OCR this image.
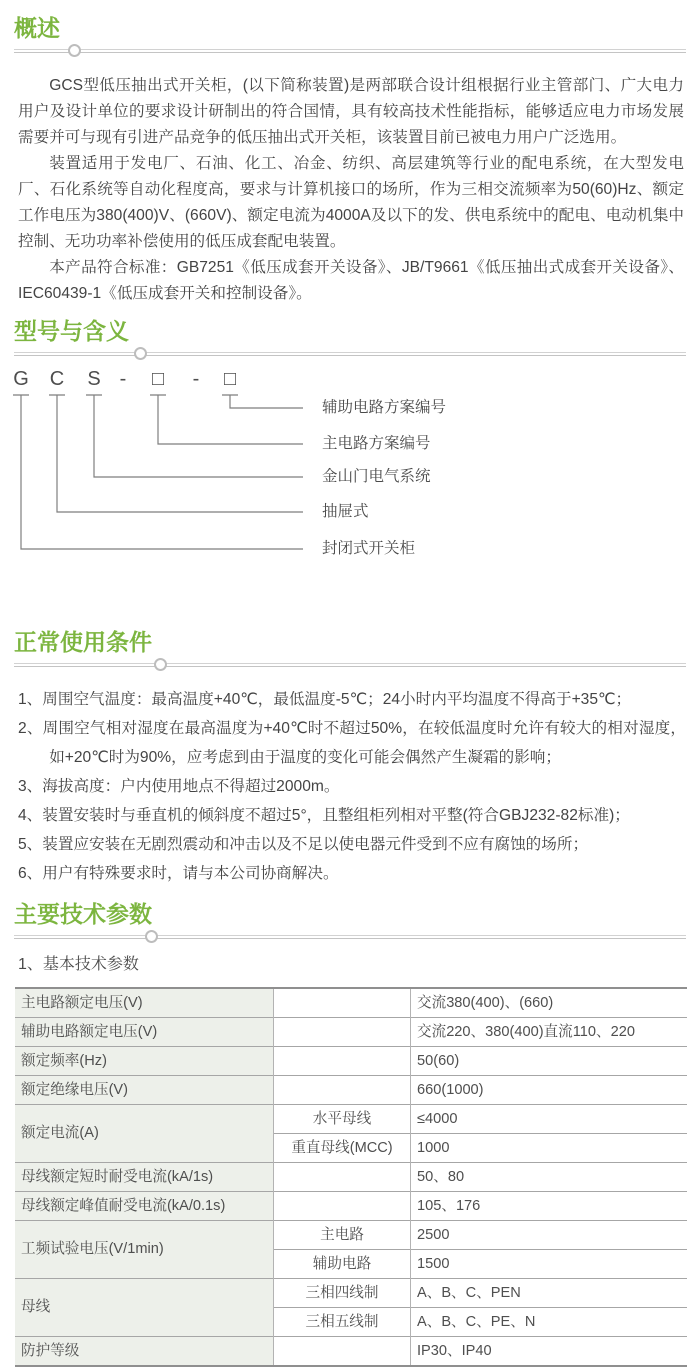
概述

GCS型低压抽出式开关柜，(以下简称装置)是两部联合设计组根据行业主管部门、广大电力用户及设计单位的要求设计研制出的符合国情，具有较高技术性能指标，能够适应电力市场发展需要并可与现有引进产品竞争的低压抽出式开关柜，该装置目前已被电力用户广泛选用。

装置适用于发电厂、石油、化工、冶金、纺织、高层建筑等行业的配电系统，在大型发电厂、石化系统等自动化程度高，要求与计算机接口的场所，作为三相交流频率为50(60)Hz、额定工作电压为380(400)V、(660V)、额定电流为4000A及以下的发、供电系统中的配电、电动机集中控制、无功功率补偿使用的低压成套配电装置。

本产品符合标准：GB7251《低压成套开关设备》、JB/T9661《低压抽出式成套开关设备》、IEC60439-1《低压成套开关和控制设备》。

型号与含义
G C S - □ - □
辅助电路方案编号
主电路方案编号
金山门电气系统
抽屉式
封闭式开关柜
正常使用条件
1、周围空气温度：最高温度+40℃，最低温度-5℃；24小时内平均温度不得高于+35℃；
2、周围空气相对湿度在最高温度为+40℃时不超过50%，在较低温度时允许有较大的相对湿度，如+20℃时为90%，应考虑到由于温度的变化可能会偶然产生凝霜的影响；
3、海拔高度：户内使用地点不得超过2000m。
4、装置安装时与垂直机的倾斜度不超过5°，且整组柜列相对平整(符合GBJ232-82标准)；
5、装置应安装在无剧烈震动和冲击以及不足以使电器元件受到不应有腐蚀的场所；
6、用户有特殊要求时，请与本公司协商解决。
主要技术参数
1、基本技术参数
主电路额定电压(V)		交流380(400)、(660)
辅助电路额定电压(V)		交流220、380(400)直流110、220
额定频率(Hz)		50(60)
额定绝缘电压(V)		660(1000)
额定电流(A)	水平母线	≤4000
	重直母线(MCC)	1000
母线额定短时耐受电流(kA/1s)		50、80
母线额定峰值耐受电流(kA/0.1s)		105、176
工频试验电压(V/1min)	主电路	2500
	辅助电路	1500
母线	三相四线制	A、B、C、PEN
	三相五线制	A、B、C、PE、N
防护等级		IP30、IP40
